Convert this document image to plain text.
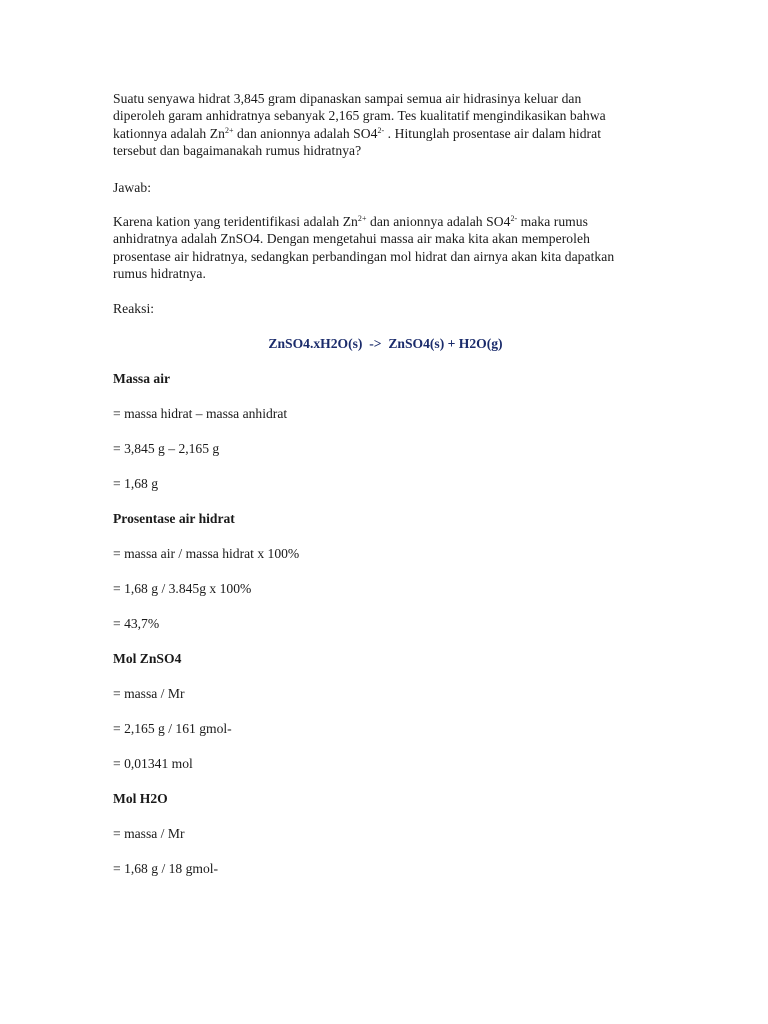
Suatu senyawa hidrat 3,845 gram dipanaskan sampai semua air hidrasinya keluar dan

diperoleh garam anhidratnya sebanyak 2,165 gram. Tes kualitatif mengindikasikan bahwa

kationnya adalah $Zn^{2+}$ dan anionnya adalah $SO4^{2-}$ . Hitunglah prosentase air dalam hidrat

tersebut dan bagaimanakah rumus hidratnya?

Jawab:

Karena kation yang teridentifikasi adalah $Zn^{2+}$ dan anionnya adalah $SO4^{2-}$ maka rumus

anhidratnya adalah ZnSO4. Dengan mengetahui massa air maka kita akan memperoleh

prosentase air hidratnya, sedangkan perbandingan mol hidrat dan airnya akan kita dapatkan

rumus hidratnya.

Reaksi:

ZnSO4.xH2O(s)  ->  ZnSO4(s) + H2O(g)

Massa air

= massa hidrat – massa anhidrat

= 3,845 g – 2,165 g

= 1,68 g

Prosentase air hidrat

= massa air / massa hidrat x 100%

= 1,68 g / 3.845g x 100%

= 43,7%

Mol ZnSO4

= massa / Mr

= 2,165 g / 161 gmol-

= 0,01341 mol

Mol H2O

= massa / Mr

= 1,68 g / 18 gmol-
